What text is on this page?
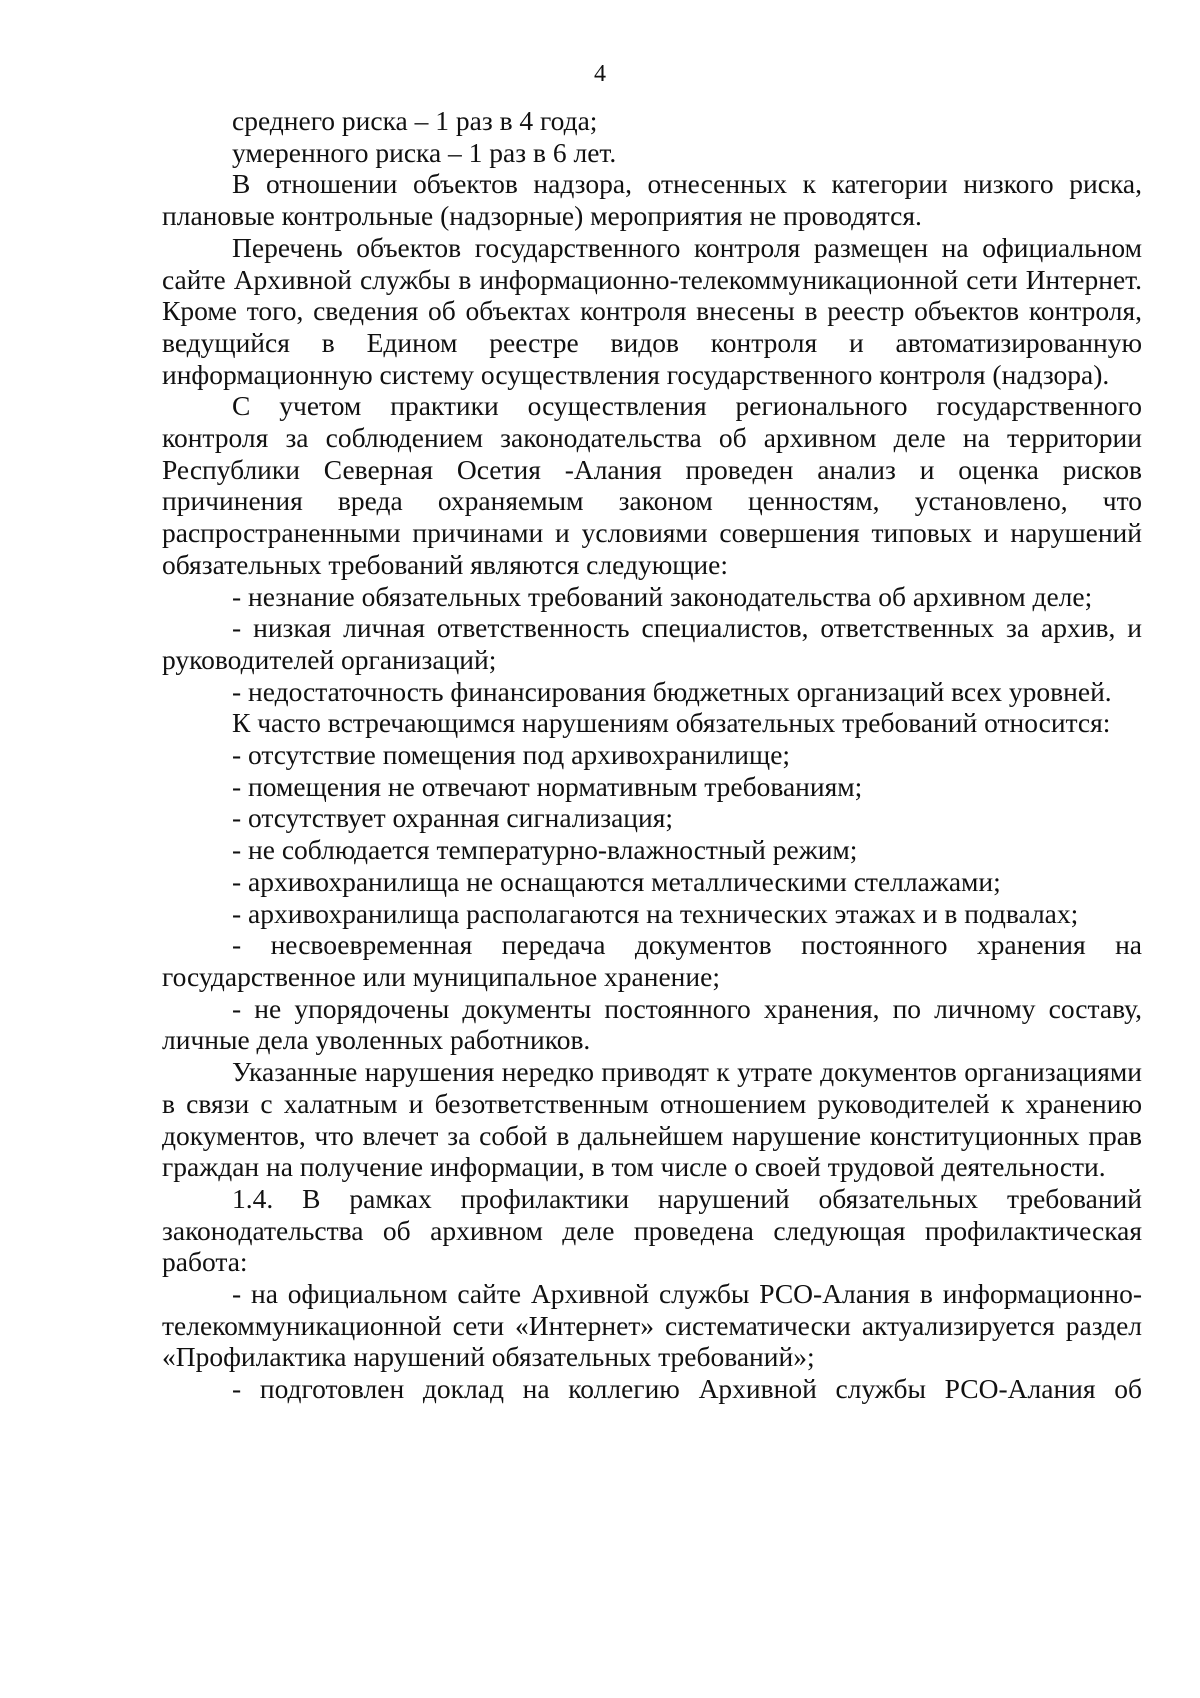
4

среднего риска – 1 раз в 4 года;

умеренного риска – 1 раз в 6 лет.

В отношении объектов надзора, отнесенных к категории низкого риска, плановые контрольные (надзорные) мероприятия не проводятся.

Перечень объектов государственного контроля размещен на официальном сайте Архивной службы в информационно-телекоммуникационной сети Интернет. Кроме того, сведения об объектах контроля внесены в реестр объектов контроля, ведущийся в Едином реестре видов контроля и автоматизированную информационную систему осуществления государственного контроля (надзора).

С учетом практики осуществления регионального государственного контроля за соблюдением законодательства об архивном деле на территории Республики Северная Осетия -Алания проведен анализ и оценка рисков причинения вреда охраняемым законом ценностям, установлено, что распространенными причинами и условиями совершения типовых и нарушений обязательных требований являются следующие:

- незнание обязательных требований законодательства об архивном деле;

- низкая личная ответственность специалистов, ответственных за архив, и руководителей организаций;

- недостаточность финансирования бюджетных организаций всех уровней.

К часто встречающимся нарушениям обязательных требований относится:

- отсутствие помещения под архивохранилище;

- помещения не отвечают нормативным требованиям;

- отсутствует охранная сигнализация;

- не соблюдается температурно-влажностный режим;

- архивохранилища не оснащаются металлическими стеллажами;

- архивохранилища располагаются на технических этажах и в подвалах;

- несвоевременная передача документов постоянного хранения на государственное или муниципальное хранение;

- не упорядочены документы постоянного хранения, по личному составу, личные дела уволенных работников.

Указанные нарушения нередко приводят к утрате документов организациями в связи с халатным и безответственным отношением руководителей к хранению документов, что влечет за собой в дальнейшем нарушение конституционных прав граждан на получение информации, в том числе о своей трудовой деятельности.

1.4. В рамках профилактики нарушений обязательных требований законодательства об архивном деле проведена следующая профилактическая работа:

- на официальном сайте Архивной службы РСО-Алания в информационно-телекоммуникационной сети «Интернет» систематически актуализируется раздел «Профилактика нарушений обязательных требований»;

- подготовлен доклад на коллегию Архивной службы РСО-Алания об
